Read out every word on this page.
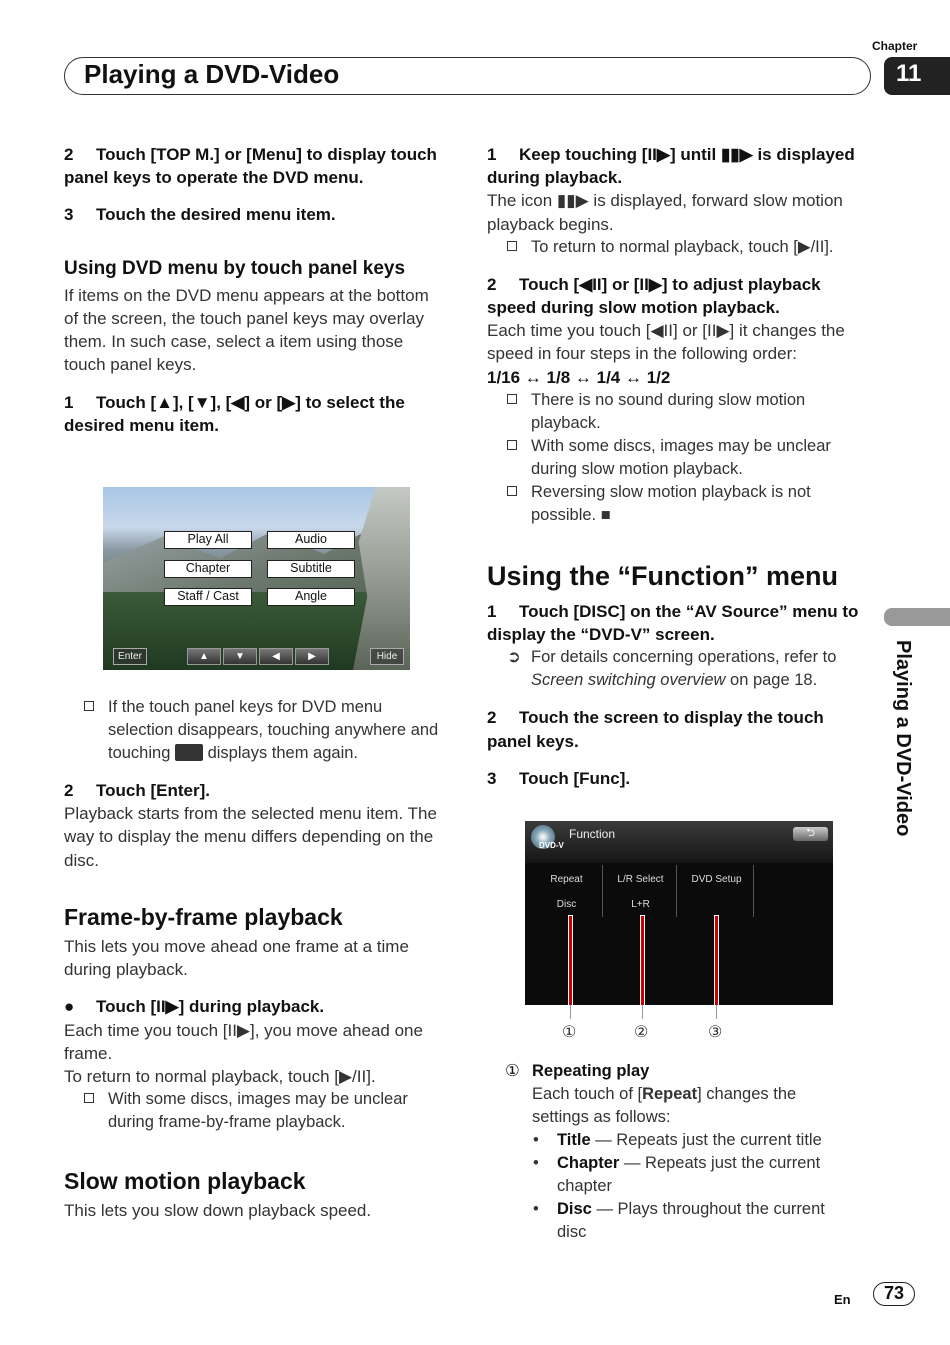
Playing a DVD-Video
Chapter
11
Playing a DVD-Video
2 Touch [TOP M.] or [Menu] to display touch panel keys to operate the DVD menu.
3 Touch the desired menu item.
Using DVD menu by touch panel keys
If items on the DVD menu appears at the bottom of the screen, the touch panel keys may overlay them. In such case, select a item using those touch panel keys.
1 Touch [▲], [▼], [◀] or [▶] to select the desired menu item.
Play All	Audio
Chapter	Subtitle
Staff / Cast	Angle
Enter	▲	▼	◀	▶	Hide
If the touch panel keys for DVD menu selection disappears, touching anywhere and touching displays them again.
2 Touch [Enter].
Playback starts from the selected menu item. The way to display the menu differs depending on the disc.
Frame-by-frame playback
This lets you move ahead one frame at a time during playback.
● Touch [II▶] during playback.
Each time you touch [II▶], you move ahead one frame.
To return to normal playback, touch [▶/II].
With some discs, images may be unclear during frame-by-frame playback.
Slow motion playback
This lets you slow down playback speed.
1 Keep touching [II▶] until ▮▮▶ is displayed during playback.
The icon ▮▮▶ is displayed, forward slow motion playback begins.
To return to normal playback, touch [▶/II].
2 Touch [◀II] or [II▶] to adjust playback speed during slow motion playback.
Each time you touch [◀II] or [II▶] it changes the speed in four steps in the following order:
1/16 ↔ 1/8 ↔ 1/4 ↔ 1/2
There is no sound during slow motion playback.
With some discs, images may be unclear during slow motion playback.
Reversing slow motion playback is not possible. ■
Using the “Function” menu
1 Touch [DISC] on the “AV Source” menu to display the “DVD-V” screen.
➲ For details concerning operations, refer to Screen switching overview on page 18.
2 Touch the screen to display the touch panel keys.
3 Touch [Func].
DVD-V
Function	⮌
Repeat
Disc
L/R Select
L+R
DVD Setup
①	②	③
① Repeating play
Each touch of [Repeat] changes the settings as follows:
• Title — Repeats just the current title
• Chapter — Repeats just the current chapter
• Disc — Plays throughout the current disc
En	73
